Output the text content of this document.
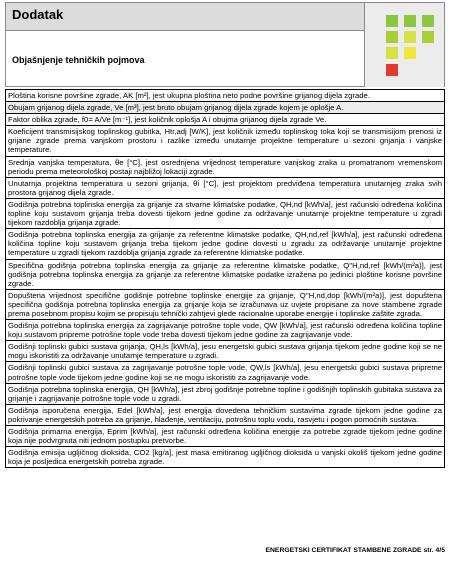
Dodatak
Objašnjenje tehničkih pojmova
Ploština korisne površine zgrade, AK [m²], jest ukupna ploština neto podne površine grijanog dijela zgrade.
Obujam grijanog dijela zgrade, Ve [m³], jest bruto obujam grijanog dijela zgrade kojem je oplošje A.
Faktor oblika zgrade, f0= A/Ve [m⁻¹], jest količnik oplošja A i obujma grijanog dijela zgrade Ve.
Koeficijent transmisijskog toplinskog gubitka, Htr,adj [W/K], jest količnik između toplinskog toka koji se transmisijom prenosi iz grijane zgrade prema vanjskom prostoru i razlike između unutarnje projektne temperature u sezoni grijanja i vanjske temperature.
Srednja vanjska temperatura, θe [°C], jest osrednjena vrijednost temperature vanjskog zraka u promatranom vremenskom periodu prema meteorološkoj postaji najbližoj lokaciji zgrade.
Unutarnja projektna temperatura u sezoni grijanja, θi [°C], jest projektom predviđena temperatura unutarnjeg zraka svih prostora grijanog dijela zgrade.
Godišnja potrebna toplinska energija za grijanje za stvarne klimatske podatke, QH,nd [kWh/a], jest računski određena količina topline koju sustavom grijanja treba dovesti tijekom jedne godine za održavanje unutarnje projektne temperature u zgradi tijekom razdoblja grijanja zgrade.
Godišnja potrebna toplinska energija za grijanje za referentne klimatske podatke, QH,nd,ref [kWh/a], jest računski određena količina topline koju sustavom grijanja treba tijekom jedne godine dovesti u zgradu za održavanje unutarnje projektne temperature u zgradi tijekom razdoblja grijanja zgrade za referentne klimatske podatke.
Specifična godišnja potrebna toplinska energija za grijanje za referentne klimatske podatke, Q''H,nd,ref [kWh/(m²a)], jest godišnja potrebna toplinska energija za grijanje za referentne klimatske podatke izražena po jedinici ploštine korisne površine zgrade.
Dopuštena vrijednost specifične godišnje potrebne toplinske energije za grijanje, Q''H,nd,dop [kWh/(m²a)], jest dopuštena specifična godišnja potrebna toplinska energija za grijanje koja se izračunava uz uvjete propisane za nove stambene zgrade prema posebnom propisu kojim se propisuju tehnički zahtjevi glede racionalne uporabe energije i toplinske zaštite zgrada.
Godišnja potrebna toplinska energija za zagrijavanje potrošne tople vode, QW [kWh/a], jest računski određena količina topline koju sustavom pripreme potrošne tople vode treba dovesti tijekom jedne godine za zagrijavanje vode.
Godišnji toplinski gubici sustava grijanja, QH,ls [kWh/a], jesu energetski gubici sustava grijanja tijekom jedne godine koji se ne mogu iskoristiti za održavanje unutarnje temperature u zgradi.
Godišnji toplinski gubici sustava za zagrijavanje potrošne tople vode, QW,ls [kWh/a], jesu energetski gubici sustava pripreme potrošne tople vode tijekom jedne godine koji se ne mogu iskoristiti za zagrijavanje vode.
Godišnja potrebna toplinska energija, QH [kWh/a], jest zbroj godišnje potrebne topline i godišnjih toplinskih gubitaka sustava za grijanje i zagrijavanje potrošne tople vode u zgradi.
Godišnja isporučena energija, Edel [kWh/a], jest energija dovedena tehničkim sustavima zgrade tijekom jedne godine za pokrivanje energetskih potreba za grijanje, hlađenje, ventilaciju, potrošnu toplu vodu, rasvjetu i pogon pomoćnih sustava.
Godišnja primarna energija, Eprim [kWh/a], jest računski određena količina energije za potrebe zgrade tijekom jedne godine koja nije podvrgnuta niti jednom postupku pretvorbe.
Godišnja emisija ugljičnog dioksida, CO2 [kg/a], jest masa emitiranog ugljičnog dioksida u vanjski okoliš tijekom jedne godine koja je posljedica energetskih potreba zgrade.
ENERGETSKI CERTIFIKAT STAMBENE ZGRADE str. 4/5
